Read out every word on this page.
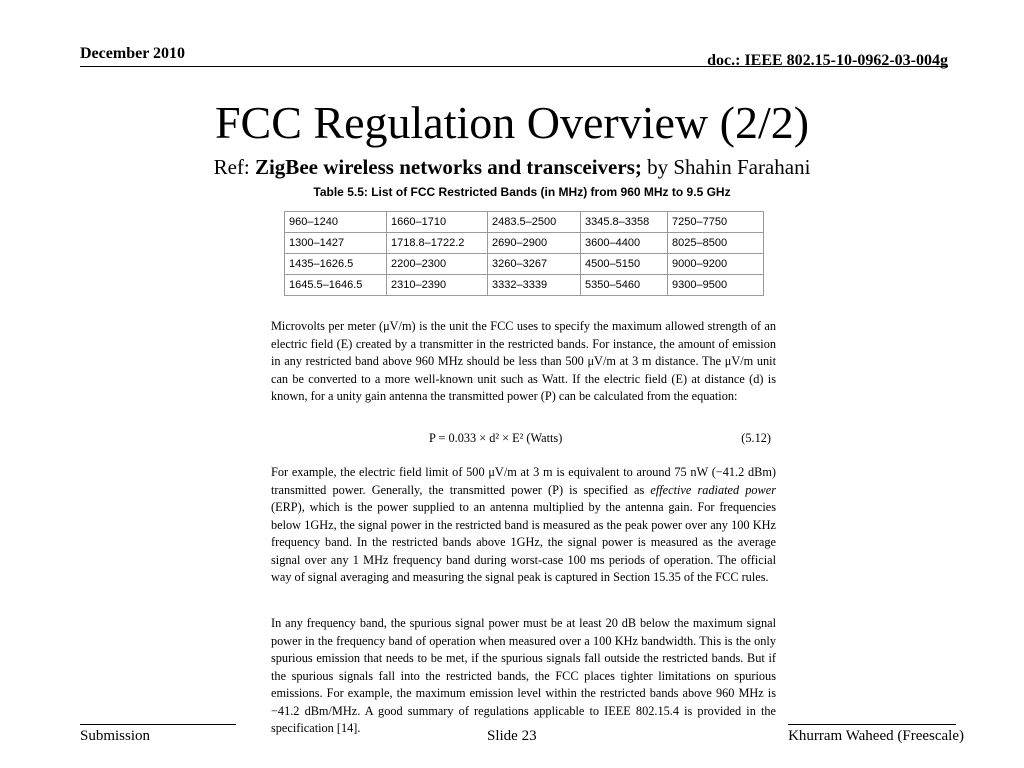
December 2010	doc.: IEEE 802.15-10-0962-03-004g
FCC Regulation Overview (2/2)
Ref: ZigBee wireless networks and transceivers; by Shahin Farahani
Table 5.5: List of FCC Restricted Bands (in MHz) from 960 MHz to 9.5 GHz
960–1240	1660–1710	2483.5–2500	3345.8–3358	7250–7750
1300–1427	1718.8–1722.2	2690–2900	3600–4400	8025–8500
1435–1626.5	2200–2300	3260–3267	4500–5150	9000–9200
1645.5–1646.5	2310–2390	3332–3339	5350–5460	9300–9500

Microvolts per meter (μV/m) is the unit the FCC uses to specify the maximum allowed strength of an electric field (E) created by a transmitter in the restricted bands. For instance, the amount of emission in any restricted band above 960 MHz should be less than 500 μV/m at 3 m distance. The μV/m unit can be converted to a more well-known unit such as Watt. If the electric field (E) at distance (d) is known, for a unity gain antenna the transmitted power (P) can be calculated from the equation:

P = 0.033 × d² × E² (Watts)	(5.12)

For example, the electric field limit of 500 μV/m at 3 m is equivalent to around 75 nW (−41.2 dBm) transmitted power. Generally, the transmitted power (P) is specified as effective radiated power (ERP), which is the power supplied to an antenna multiplied by the antenna gain. For frequencies below 1GHz, the signal power in the restricted band is measured as the peak power over any 100 KHz frequency band. In the restricted bands above 1GHz, the signal power is measured as the average signal over any 1 MHz frequency band during worst-case 100 ms periods of operation. The official way of signal averaging and measuring the signal peak is captured in Section 15.35 of the FCC rules.

In any frequency band, the spurious signal power must be at least 20 dB below the maximum signal power in the frequency band of operation when measured over a 100 KHz bandwidth. This is the only spurious emission that needs to be met, if the spurious signals fall outside the restricted bands. But if the spurious signals fall into the restricted bands, the FCC places tighter limitations on spurious emissions. For example, the maximum emission level within the restricted bands above 960 MHz is −41.2 dBm/MHz. A good summary of regulations applicable to IEEE 802.15.4 is provided in the specification [14].

Submission	Slide 23	Khurram Waheed (Freescale)
